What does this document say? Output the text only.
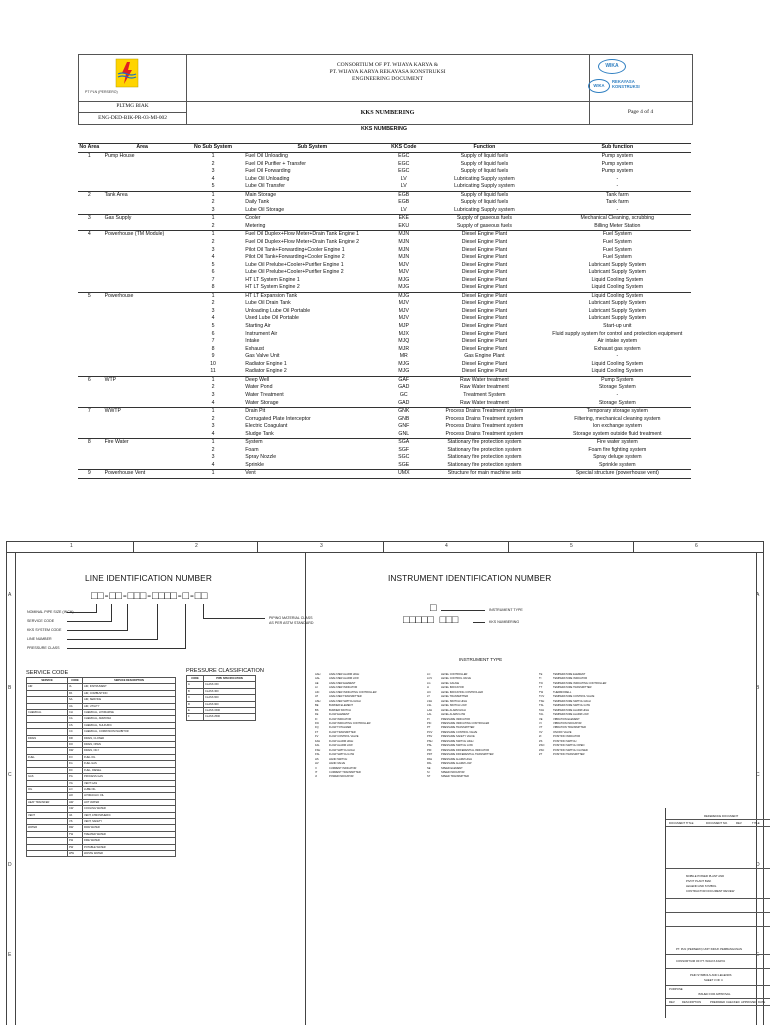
PT PLN (PERSERO)
CONSORTIUM OF PT. WIJAYA KARYA &
PT. WIJAYA KARYA REKAYASA KONSTRUKSI
ENGINEERING DOCUMENT
PLTMG BIAK
ENG-DED-BIK-PR-03-MI-002
KKS NUMBERING	Page 4 of 4
WIKA
WIKA
REKAYASA
KONSTRUKSI
KKS NUMBERING
No Area	Area	No Sub System	Sub System	KKS Code	Function	Sub function
1	Pump House	1	Fuel Oil Unloading	EGC	Supply of liquid fuels	Pump system
		2	Fuel Oil Purifier + Transfer	EGC	Supply of liquid fuels	Pump system
		3	Fuel Oil Forwarding	EGC	Supply of liquid fuels	Pump system
		4	Lube Oil Unloading	LV	Lubricating Supply system	-
		5	Lube Oil Transfer	LV	Lubricating Supply system	-
2	Tank Area	1	Main Storage	EGB	Supply of liquid fuels	Tank farm
		2	Daily Tank	EGB	Supply of liquid fuels	Tank farm
		3	Lube Oil Storage	LV	Lubricating Supply system	-
3	Gas Supply	1	Cooler	EKE	Supply of gaseous fuels	Mechanical Cleaning, scrubbing
		2	Metering	EKU	Supply of gaseous fuels	Billing Meter Station
4	Powerhouse (TM Module)	1	Fuel Oil Duplex+Flow Meter+Drain Tank Engine 1	MJN	Diesel Engine Plant	Fuel System
		2	Fuel Oil Duplex+Flow Meter+Drain Tank Engine 2	MJN	Diesel Engine Plant	Fuel System
		3	Pilot Oil Tank+Forwarding+Cooler Engine 1	MJN	Diesel Engine Plant	Fuel System
		4	Pilot Oil Tank+Forwarding+Cooler Engine 2	MJN	Diesel Engine Plant	Fuel System
		5	Lube Oil Prelube+Cooler+Purifier Engine 1	MJV	Diesel Engine Plant	Lubricant Supply System
		6	Lube Oil Prelube+Cooler+Purifier Engine 2	MJV	Diesel Engine Plant	Lubricant Supply System
		7	HT LT System Engine 1	MJG	Diesel Engine Plant	Liquid Cooling System
		8	HT LT System Engine 2	MJG	Diesel Engine Plant	Liquid Cooling System
5	Powerhouse	1	HT LT Expansion Tank	MJG	Diesel Engine Plant	Liquid Cooling System
		2	Lube Oil Drain Tank	MJV	Diesel Engine Plant	Lubricant Supply System
		3	Unloading Lube Oil Portable	MJV	Diesel Engine Plant	Lubricant Supply System
		4	Used Lube Oil Portable	MJV	Diesel Engine Plant	Lubricant Supply System
		5	Starting Air	MJP	Diesel Engine Plant	Start-up unit
		6	Instrument Air	MJX	Diesel Engine Plant	Fluid supply system for control and protection equipment
		7	Intake	MJQ	Diesel Engine Plant	Air intake system
		8	Exhaust	MJR	Diesel Engine Plant	Exhaust gas system
		9	Gas Valve Unit	MR	Gas Engine Plant	-
		10	Radiator Engine 1	MJG	Diesel Engine Plant	Liquid Cooling System
		11	Radiator Engine 2	MJG	Diesel Engine Plant	Liquid Cooling System
6	WTP	1	Deep Well	GAF	Raw Water treatment	Pump System
		2	Water Pond	GAD	Raw Water treatment	Storage System
		3	Water Treatment	GC	Treatment System	-
		4	Water Storage	GAD	Raw Water treatment	Storage System
7	WWTP	1	Drain Pit	GNK	Process Drains Treatment system	Temporary storage system
		2	Corrugated Plate Interceptor	GNB	Process Drains Treatment system	Filtering, mechanical cleaning system
		3	Electric Coagulant	GNF	Process Drains Treatment system	Ion exchange system
		4	Sludge Tank	GNL	Process Drains Treatment system	Storage system outside fluid treatment
8	Fire Water	1	System	SGA	Stationary fire protection system	Fire water system
		2	Foam	SGF	Stationary fire protection system	Foam fire fighting system
		3	Spray Nozzle	SGC	Stationary fire protection system	Spray deluge system
		4	Sprinkle	SGE	Stationary fire protection system	Sprinkle system
9	Powerhouse Vent	1	Vent	UMX	Structure for main machine sets	Special structure (powerhouse vent)
1	2	3	4	5	6
A
B
C
D
E
A
B
C
D
E
LINE IDENTIFICATION NUMBER	INSTRUMENT IDENTIFICATION NUMBER
□□-□□-□□□-□□□□-□-□□
NOMINAL PIPE SIZE (INCH)
SERVICE CODE
KKS SYSTEM CODE
LINE NUMBER
PRESSURE CLASS
PIPING MATERIAL CLASS
AS PER ASTM STANDARD
□
□□□□□ □□□
INSTRUMENT TYPE
KKS NUMBERING
SERVICE CODE
SERVICE	CODE	SERVICE DESCRIPTION
AIR	IA	AIR, INSTRUMENT
	PA	AIR, COMBUSTION
	SA	AIR, SERVICE
	UA	AIR, UTILITY
CHEMICAL	CH	CHEMICAL, HYDRAZINE
	CA	CHEMICAL, AMMONIA
	CS	CHEMICAL, SULFURIC
	CC	CHEMICAL, CORROSION INHIBITOR
DRAIN	DR	DRAIN, CLOSED
	DO	DRAIN, OPEN
	DW	DRAIN, OILY
FUEL	FO	FUEL OIL
	FG	FUEL GAS
	FD	FUEL, DIESEL
GAS	PG	PROCESS GAS
	VG	VENT GAS
OIL	LO	LUBE OIL
	HO	HYDRAULIC OIL
HEAT TRANSFER	HW	HOT WATER
	CW	COOLING WATER
VENT	VA	VENT, ATMOSPHERIC
	VS	VENT, SAFETY
WATER	RW	RAW WATER
	TW	TREATED WATER
	FW	FIRE WATER
	PW	POTABLE WATER
	WW	WASTE WATER
PRESSURE CLASSIFICATION
CODE	PIPE SPECIFICATION
A	CLASS 150
B	CLASS 300
C	CLASS 600
D	CLASS 900
E	CLASS 1500
F	CLASS 2500
INSTRUMENT TYPE
AAH	ANALYZER ALARM HIGH
AAL	ANALYZER ALARM LOW
AE	ANALYZER ELEMENT
AI	ANALYZER INDICATOR
AIC	ANALYZER INDICATING CONTROLLER
AT	ANALYZER TRANSMITTER
ASH	ANALYZER SWITCH HIGH
BE	BURNER ELEMENT
BS	BURNER SWITCH
FE	FLOW ELEMENT
FI	FLOW INDICATOR
FIC	FLOW INDICATING CONTROLLER
FQ	FLOW TOTALIZER
FT	FLOW TRANSMITTER
FV	FLOW CONTROL VALVE
FAH	FLOW ALARM HIGH
FAL	FLOW ALARM LOW
FSH	FLOW SWITCH HIGH
FSL	FLOW SWITCH LOW
HS	HAND SWITCH
HV	HAND VALVE
II	CURRENT INDICATOR
IT	CURRENT TRANSMITTER
JI	POWER INDICATOR
LC	LEVEL CONTROLLER
LCV	LEVEL CONTROL VALVE
LG	LEVEL GAUGE
LI	LEVEL INDICATOR
LIC	LEVEL INDICATING CONTROLLER
LT	LEVEL TRANSMITTER
LSH	LEVEL SWITCH HIGH
LSL	LEVEL SWITCH LOW
LAH	LEVEL ALARM HIGH
LAL	LEVEL ALARM LOW
PI	PRESSURE INDICATOR
PIC	PRESSURE INDICATING CONTROLLER
PT	PRESSURE TRANSMITTER
PCV	PRESSURE CONTROL VALVE
PSV	PRESSURE SAFETY VALVE
PSH	PRESSURE SWITCH HIGH
PSL	PRESSURE SWITCH LOW
PDI	PRESSURE DIFFERENTIAL INDICATOR
PDT	PRESSURE DIFFERENTIAL TRANSMITTER
PAH	PRESSURE ALARM HIGH
PAL	PRESSURE ALARM LOW
SE	SPEED ELEMENT
SI	SPEED INDICATOR
ST	SPEED TRANSMITTER
TE	TEMPERATURE ELEMENT
TI	TEMPERATURE INDICATOR
TIC	TEMPERATURE INDICATING CONTROLLER
TT	TEMPERATURE TRANSMITTER
TW	THERMOWELL
TCV	TEMPERATURE CONTROL VALVE
TSH	TEMPERATURE SWITCH HIGH
TSL	TEMPERATURE SWITCH LOW
TAH	TEMPERATURE ALARM HIGH
TAL	TEMPERATURE ALARM LOW
VE	VIBRATION ELEMENT
VI	VIBRATION INDICATOR
VT	VIBRATION TRANSMITTER
XV	ON/OFF VALVE
ZI	POSITION INDICATOR
ZS	POSITION SWITCH
ZSO	POSITION SWITCH OPEN
ZSC	POSITION SWITCH CLOSED
ZT	POSITION TRANSMITTER
REFERENCE DOCUMENT
DOCUMENT TITLE	DOCUMENT NO.	REV	TITLE
MOBILE POWER PLANT AND
PIVOT PLANT BIAK
LEGEND AND SYMBOL
CONTRACTOR DOCUMENT REVIEW
PT. PLN (PERSERO) UNIT INDUK PEMBANGUNAN
CONSORTIUM OF PT. WIJAYA KARYA
P&ID SYMBOLS AND LEGENDS
SHEET 3 OF 4
PURPOSE
ISSUED FOR APPROVAL
REV	DESCRIPTION	PREPARED CHECKED APPROVED DATE
